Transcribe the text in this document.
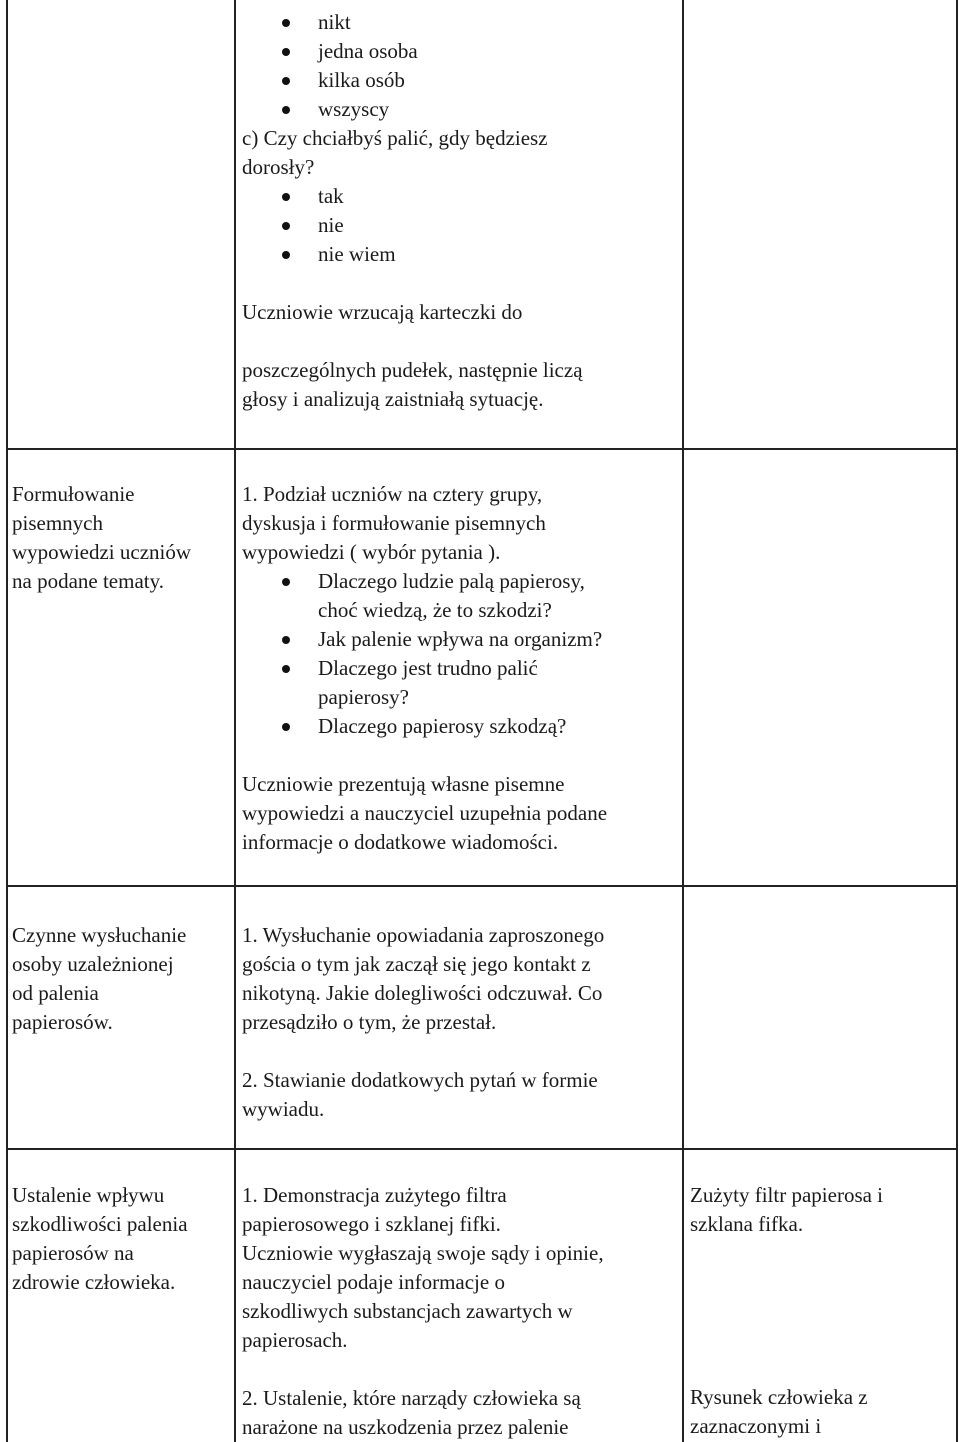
nikt
jedna osoba
kilka osób
wszyscy
c) Czy chciałbyś palić, gdy będziesz
dorosły?
tak
nie
nie wiem
Uczniowie wrzucają karteczki do
poszczególnych pudełek, następnie liczą
głosy i analizują zaistniałą sytuację.
Formułowanie
pisemnych
wypowiedzi uczniów
na podane tematy.
1. Podział uczniów na cztery grupy,
dyskusja i formułowanie pisemnych
wypowiedzi ( wybór pytania ).
Dlaczego ludzie palą papierosy,
choć wiedzą, że to szkodzi?
Jak palenie wpływa na organizm?
Dlaczego jest trudno palić
papierosy?
Dlaczego papierosy szkodzą?
Uczniowie prezentują własne pisemne
wypowiedzi a nauczyciel uzupełnia podane
informacje o dodatkowe wiadomości.
Czynne wysłuchanie
osoby uzależnionej
od palenia
papierosów.
1. Wysłuchanie opowiadania zaproszonego
gościa o tym jak zaczął się jego kontakt z
nikotyną. Jakie dolegliwości odczuwał. Co
przesądziło o tym, że przestał.
2. Stawianie dodatkowych pytań w formie
wywiadu.
Ustalenie wpływu
szkodliwości palenia
papierosów na
zdrowie człowieka.
1. Demonstracja zużytego filtra
papierosowego i szklanej fifki.
Uczniowie wygłaszają swoje sądy i opinie,
nauczyciel podaje informacje o
szkodliwych substancjach zawartych w
papierosach.
2. Ustalenie, które narządy człowieka są
narażone na uszkodzenia przez palenie
Zużyty filtr papierosa i
szklana fifka.
Rysunek człowieka z
zaznaczonymi i
